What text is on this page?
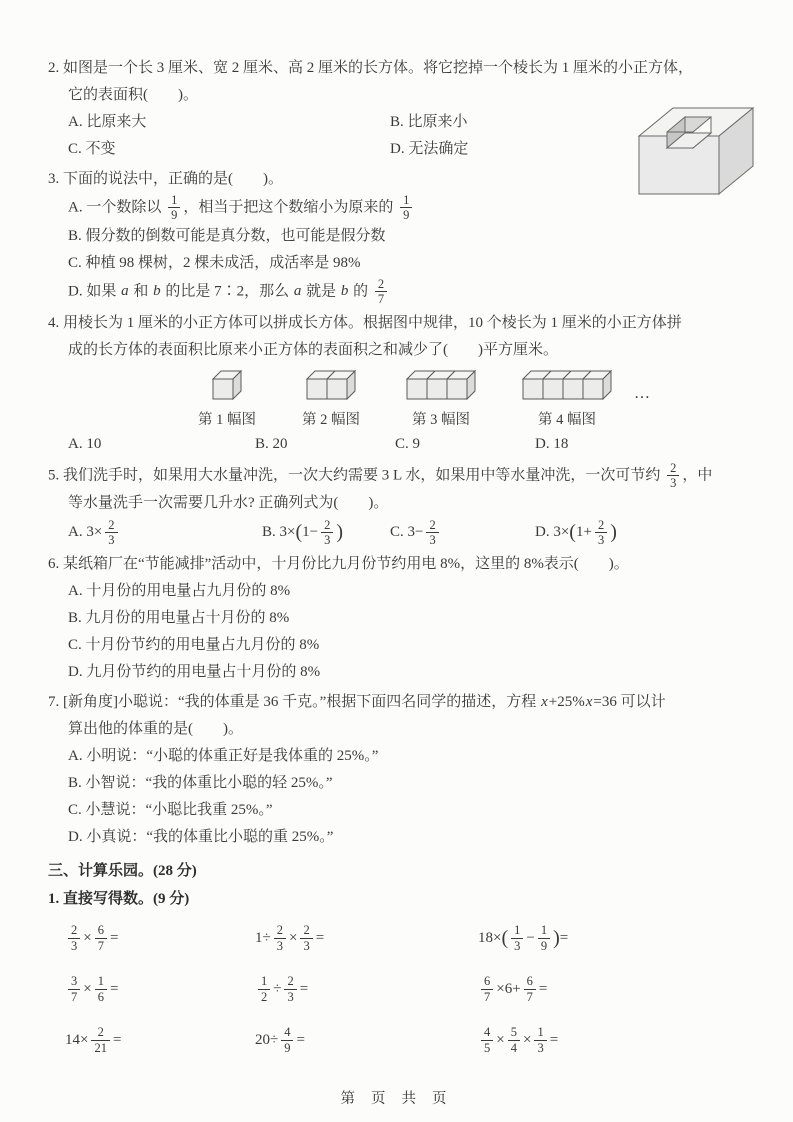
2. 如图是一个长 3 厘米、宽 2 厘米、高 2 厘米的长方体。将它挖掉一个棱长为 1 厘米的小正方体，
它的表面积(　　)。
A. 比原来大	B. 比原来小
C. 不变	D. 无法确定
3. 下面的说法中，正确的是(　　)。
A. 一个数除以 $\frac{1}{9}$ ，相当于把这个数缩小为原来的 $\frac{1}{9}$
B. 假分数的倒数可能是真分数，也可能是假分数
C. 种植 98 棵树，2 棵未成活，成活率是 98%
D. 如果 a 和 b 的比是 7∶2，那么 a 就是 b 的 $\frac{2}{7}$
4. 用棱长为 1 厘米的小正方体可以拼成长方体。根据图中规律，10 个棱长为 1 厘米的小正方体拼
成的长方体的表面积比原来小正方体的表面积之和减少了(　　)平方厘米。
第 1 幅图	第 2 幅图	第 3 幅图	第 4 幅图
…
A. 10	B. 20	C. 9	D. 18
5. 我们洗手时，如果用大水量冲洗，一次大约需要 3 L 水，如果用中等水量冲洗，一次可节约 $\frac{2}{3}$ ，中
等水量洗手一次需要几升水? 正确列式为(　　)。
A. $3\times \frac{2}{3}$	B. $3\times(1- \frac{2}{3}$ )	C. $3- \frac{2}{3}$	D. $3\times(1+ \frac{2}{3}$ )
6. 某纸箱厂在“节能减排”活动中，十月份比九月份节约用电 8%，这里的 8%表示(　　)。
A. 十月份的用电量占九月份的 8%
B. 九月份的用电量占十月份的 8%
C. 十月份节约的用电量占九月份的 8%
D. 九月份节约的用电量占十月份的 8%
7. [新角度]小聪说：“我的体重是 36 千克。”根据下面四名同学的描述，方程 x+25%x=36 可以计
算出他的体重的是(　　)。
A. 小明说：“小聪的体重正好是我体重的 25%。”
B. 小智说：“我的体重比小聪的轻 25%。”
C. 小慧说：“小聪比我重 25%。”
D. 小真说：“我的体重比小聪的重 25%。”
三、计算乐园。(28 分)
1. 直接写得数。(9 分)
$\frac{2}{3} \times \frac{6}{7}$ =	$1\div \frac{2}{3} \times \frac{2}{3}$ =	18× ( $\frac{1}{3} - \frac{1}{9}$ ) =
$\frac{3}{7} \times \frac{1}{6}$ =	$\frac{1}{2} \div \frac{2}{3}$ =	$\frac{6}{7} \times 6+ \frac{6}{7}$ =
$14\times \frac{2}{21}$ =	$20\div \frac{4}{9}$ =	$\frac{4}{5} \times \frac{5}{4} \times \frac{1}{3}$ =
第 页 共 页
